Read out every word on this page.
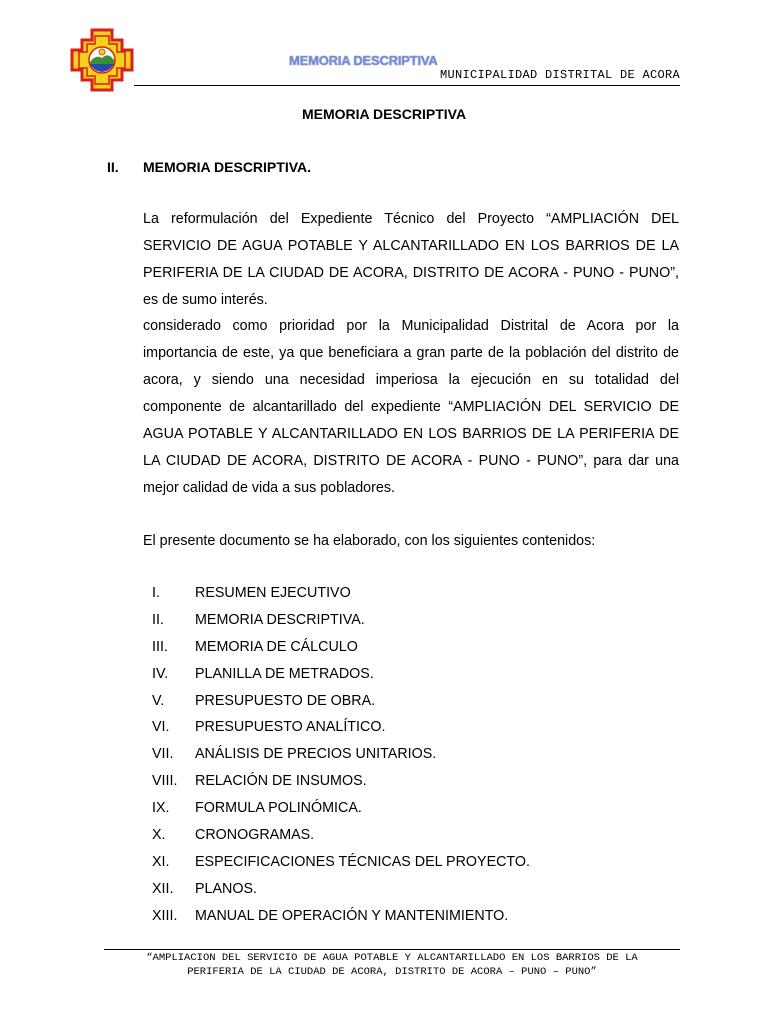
MEMORIA DESCRIPTIVA
MUNICIPALIDAD DISTRITAL DE ACORA
MEMORIA DESCRIPTIVA
II. MEMORIA DESCRIPTIVA.

La reformulación del Expediente Técnico del Proyecto “AMPLIACIÓN DEL SERVICIO DE AGUA POTABLE Y ALCANTARILLADO EN LOS BARRIOS DE LA PERIFERIA DE LA CIUDAD DE ACORA, DISTRITO DE ACORA - PUNO - PUNO”, es de sumo interés.

considerado como prioridad por la Municipalidad Distrital de Acora por la importancia de este, ya que beneficiara a gran parte de la población del distrito de acora, y siendo una necesidad imperiosa la ejecución en su totalidad del componente de alcantarillado del expediente “AMPLIACIÓN DEL SERVICIO DE AGUA POTABLE Y ALCANTARILLADO EN LOS BARRIOS DE LA PERIFERIA DE LA CIUDAD DE ACORA, DISTRITO DE ACORA - PUNO - PUNO”, para dar una mejor calidad de vida a sus pobladores.

El presente documento se ha elaborado, con los siguientes contenidos:

I.	RESUMEN EJECUTIVO
II.	MEMORIA DESCRIPTIVA.
III.	MEMORIA DE CÁLCULO
IV.	PLANILLA DE METRADOS.
V.	PRESUPUESTO DE OBRA.
VI.	PRESUPUESTO ANALÍTICO.
VII.	ANÁLISIS DE PRECIOS UNITARIOS.
VIII.	RELACIÓN DE INSUMOS.
IX.	FORMULA POLINÓMICA.
X.	CRONOGRAMAS.
XI.	ESPECIFICACIONES TÉCNICAS DEL PROYECTO.
XII.	PLANOS.
XIII.	MANUAL DE OPERACIÓN Y MANTENIMIENTO.
“AMPLIACION DEL SERVICIO DE AGUA POTABLE Y ALCANTARILLADO EN LOS BARRIOS DE LA
PERIFERIA DE LA CIUDAD DE ACORA, DISTRITO DE ACORA – PUNO – PUNO”
